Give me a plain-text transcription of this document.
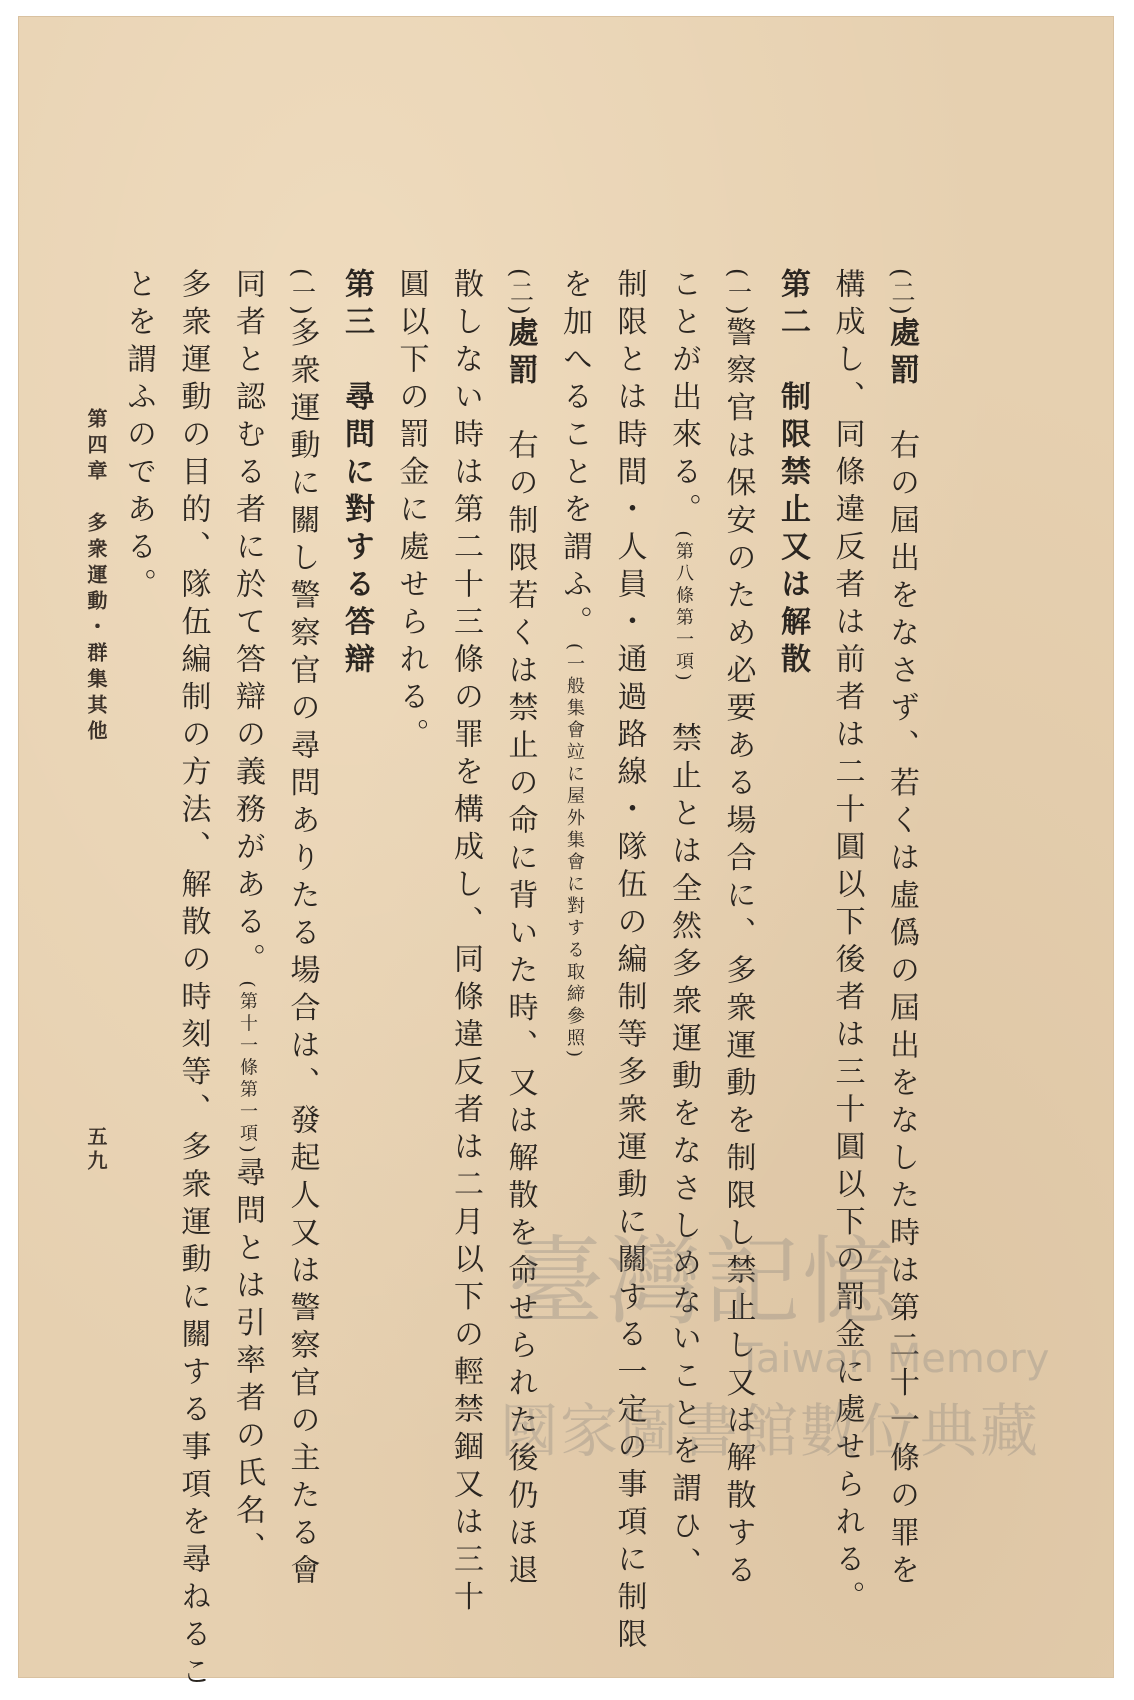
(二)處罰　右の屆出をなさず、若くは虛僞の屆出をなした時は第二十一條の罪を
構成し、同條違反者は前者は二十圓以下後者は三十圓以下の罰金に處せられる。
第二　制限禁止又は解散
(一)警察官は保安のため必要ある場合に、多衆運動を制限し禁止し又は解散する
ことが出來る。(第八條第一項)　禁止とは全然多衆運動をなさしめないことを謂ひ、
制限とは時間・人員・通過路線・隊伍の編制等多衆運動に關する一定の事項に制限
を加へることを謂ふ。(一般集會竝に屋外集會に對する取締參照)
(二)處罰　右の制限若くは禁止の命に背いた時、又は解散を命せられた後仍ほ退
散しない時は第二十三條の罪を構成し、同條違反者は二月以下の輕禁錮又は三十
圓以下の罰金に處せられる。
第三　尋問に對する答辯
(一)多衆運動に關し警察官の尋問ありたる場合は、發起人又は警察官の主たる會
同者と認むる者に於て答辯の義務がある。(第十一條第一項)尋問とは引率者の氏名、
多衆運動の目的、隊伍編制の方法、解散の時刻等、多衆運動に關する事項を尋ねるこ
とを謂ふのである。
第四章　多衆運動・群集其他
五九
臺灣記憶
Taiwan Memory
國家圖書館數位典藏
